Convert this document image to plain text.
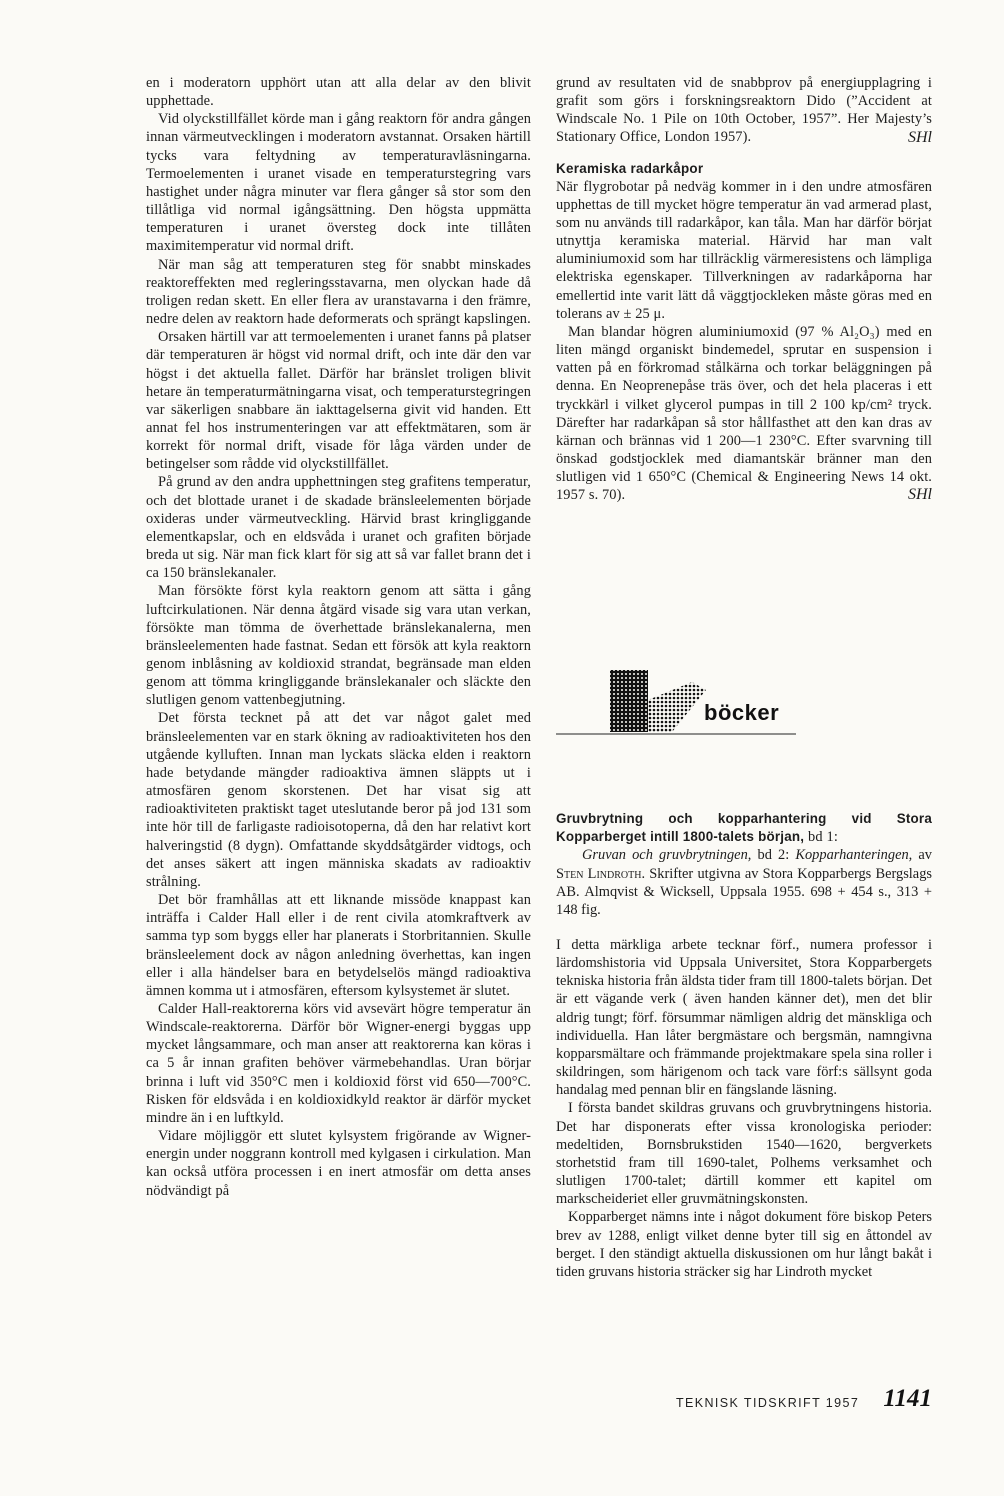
en i moderatorn upphört utan att alla delar av den blivit upphettade.

Vid olyckstillfället körde man i gång reaktorn för andra gången innan värmeutvecklingen i moderatorn avstannat. Orsaken härtill tycks vara feltydning av temperaturavläsningarna. Termoelementen i uranet visade en temperaturstegring vars hastighet under några minuter var flera gånger så stor som den tillåtliga vid normal igångsättning. Den högsta uppmätta temperaturen i uranet översteg dock inte tillåten maximitemperatur vid normal drift.

När man såg att temperaturen steg för snabbt minskades reaktoreffekten med regleringsstavarna, men olyckan hade då troligen redan skett. En eller flera av uranstavarna i den främre, nedre delen av reaktorn hade deformerats och sprängt kapslingen.

Orsaken härtill var att termoelementen i uranet fanns på platser där temperaturen är högst vid normal drift, och inte där den var högst i det aktuella fallet. Därför har bränslet troligen blivit hetare än temperaturmätningarna visat, och temperaturstegringen var säkerligen snabbare än iakttagelserna givit vid handen. Ett annat fel hos instrumenteringen var att effektmätaren, som är korrekt för normal drift, visade för låga värden under de betingelser som rådde vid olyckstillfället.

På grund av den andra upphettningen steg grafitens temperatur, och det blottade uranet i de skadade bränsleelementen började oxideras under värmeutveckling. Härvid brast kringliggande elementkapslar, och en eldsvåda i uranet och grafiten började breda ut sig. När man fick klart för sig att så var fallet brann det i ca 150 bränslekanaler.

Man försökte först kyla reaktorn genom att sätta i gång luftcirkulationen. När denna åtgärd visade sig vara utan verkan, försökte man tömma de överhettade bränslekanalerna, men bränsleelementen hade fastnat. Sedan ett försök att kyla reaktorn genom inblåsning av koldioxid strandat, begränsade man elden genom att tömma kringliggande bränslekanaler och släckte den slutligen genom vattenbegjutning.

Det första tecknet på att det var något galet med bränsleelementen var en stark ökning av radioaktiviteten hos den utgående kylluften. Innan man lyckats släcka elden i reaktorn hade betydande mängder radioaktiva ämnen släppts ut i atmosfären genom skorstenen. Det har visat sig att radioaktiviteten praktiskt taget uteslutande beror på jod 131 som inte hör till de farligaste radioisotoperna, då den har relativt kort halveringstid (8 dygn). Omfattande skyddsåtgärder vidtogs, och det anses säkert att ingen människa skadats av radioaktiv strålning.

Det bör framhållas att ett liknande missöde knappast kan inträffa i Calder Hall eller i de rent civila atomkraftverk av samma typ som byggs eller har planerats i Storbritannien. Skulle bränsleelement dock av någon anledning överhettas, kan ingen eller i alla händelser bara en betydelselös mängd radioaktiva ämnen komma ut i atmosfären, eftersom kylsystemet är slutet.

Calder Hall-reaktorerna körs vid avsevärt högre temperatur än Windscale-reaktorerna. Därför bör Wigner-energi byggas upp mycket långsammare, och man anser att reaktorerna kan köras i ca 5 år innan grafiten behöver värmebehandlas. Uran börjar brinna i luft vid 350°C men i koldioxid först vid 650—700°C. Risken för eldsvåda i en koldioxidkyld reaktor är därför mycket mindre än i en luftkyld.

Vidare möjliggör ett slutet kylsystem frigörande av Wigner-energin under noggrann kontroll med kylgasen i cirkulation. Man kan också utföra processen i en inert atmosfär om detta anses nödvändigt på

grund av resultaten vid de snabbprov på energiupplagring i grafit som görs i forskningsreaktorn Dido (”Accident at Windscale No. 1 Pile on 10th October, 1957”. Her Majesty’s Stationary Office, London 1957).	SHl
Keramiska radarkåpor

När flygrobotar på nedväg kommer in i den undre atmosfären upphettas de till mycket högre temperatur än vad armerad plast, som nu används till radarkåpor, kan tåla. Man har därför börjat utnyttja keramiska material. Härvid har man valt aluminiumoxid som har tillräcklig värmeresistens och lämpliga elektriska egenskaper. Tillverkningen av radarkåporna har emellertid inte varit lätt då väggtjockleken måste göras med en tolerans av ± 25 μ.

Man blandar högren aluminiumoxid (97 % Al₂O₃) med en liten mängd organiskt bindemedel, sprutar en suspension i vatten på en förkromad stålkärna och torkar beläggningen på denna. En Neoprenepåse träs över, och det hela placeras i ett tryckkärl i vilket glycerol pumpas in till 2 100 kp/cm² tryck. Därefter har radarkåpan så stor hållfasthet att den kan dras av kärnan och brännas vid 1 200—1 230°C. Efter svarvning till önskad godstjocklek med diamantskär bränner man den slutligen vid 1 650°C (Chemical & Engineering News 14 okt. 1957 s. 70).	SHl
böcker

Gruvbrytning och kopparhantering vid Stora Kopparberget intill 1800-talets början, bd 1:

Gruvan och gruvbrytningen, bd 2: Kopparhanteringen, av Sten Lindroth. Skrifter utgivna av Stora Kopparbergs Bergslags AB. Almqvist & Wicksell, Uppsala 1955. 698 + 454 s., 313 + 148 fig.

I detta märkliga arbete tecknar förf., numera professor i lärdomshistoria vid Uppsala Universitet, Stora Kopparbergets tekniska historia från äldsta tider fram till 1800-talets början. Det är ett vägande verk ( även handen känner det), men det blir aldrig tungt; förf. försummar nämligen aldrig det mänskliga och individuella. Han låter bergmästare och bergsmän, namngivna kopparsmältare och främmande projektmakare spela sina roller i skildringen, som härigenom och tack vare förf:s sällsynt goda handalag med pennan blir en fängslande läsning.

I första bandet skildras gruvans och gruvbrytningens historia. Det har disponerats efter vissa kronologiska perioder: medeltiden, Bornsbrukstiden 1540—1620, bergverkets storhetstid fram till 1690-talet, Polhems verksamhet och slutligen 1700-talet; därtill kommer ett kapitel om markscheideriet eller gruvmätningskonsten.

Kopparberget nämns inte i något dokument före biskop Peters brev av 1288, enligt vilket denne byter till sig en åttondel av berget. I den ständigt aktuella diskussionen om hur långt bakåt i tiden gruvans historia sträcker sig har Lindroth mycket

TEKNISK TIDSKRIFT 1957 1141
